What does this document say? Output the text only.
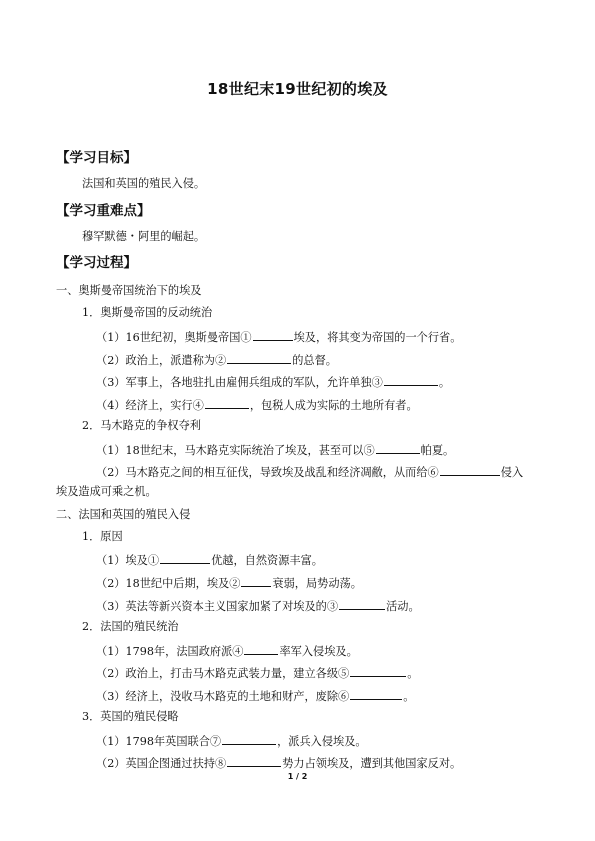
18世纪末19世纪初的埃及
【学习目标】
法国和英国的殖民入侵。
【学习重难点】
穆罕默德・阿里的崛起。
【学习过程】
一、奥斯曼帝国统治下的埃及
1．奥斯曼帝国的反动统治
（1）16世纪初，奥斯曼帝国①	埃及，将其变为帝国的一个行省。
（2）政治上，派遣称为②	的总督。
（3）军事上，各地驻扎由雇佣兵组成的军队，允许单独③	。
（4）经济上，实行④	，包税人成为实际的土地所有者。
2．马木路克的争权夺利
（1）18世纪末，马木路克实际统治了埃及，甚至可以⑤	帕夏。
（2）马木路克之间的相互征伐，导致埃及战乱和经济凋敝，从而给⑥	侵入
埃及造成可乘之机。
二、法国和英国的殖民入侵
1．原因
（1）埃及①	优越，自然资源丰富。
（2）18世纪中后期，埃及②	衰弱，局势动荡。
（3）英法等新兴资本主义国家加紧了对埃及的③	活动。
2．法国的殖民统治
（1）1798年，法国政府派④	率军入侵埃及。
（2）政治上，打击马木路克武装力量，建立各级⑤	。
（3）经济上，没收马木路克的土地和财产，废除⑥	。
3．英国的殖民侵略
（1）1798年英国联合⑦	，派兵入侵埃及。
（2）英国企图通过扶持⑧	势力占领埃及，遭到其他国家反对。
1 / 2
